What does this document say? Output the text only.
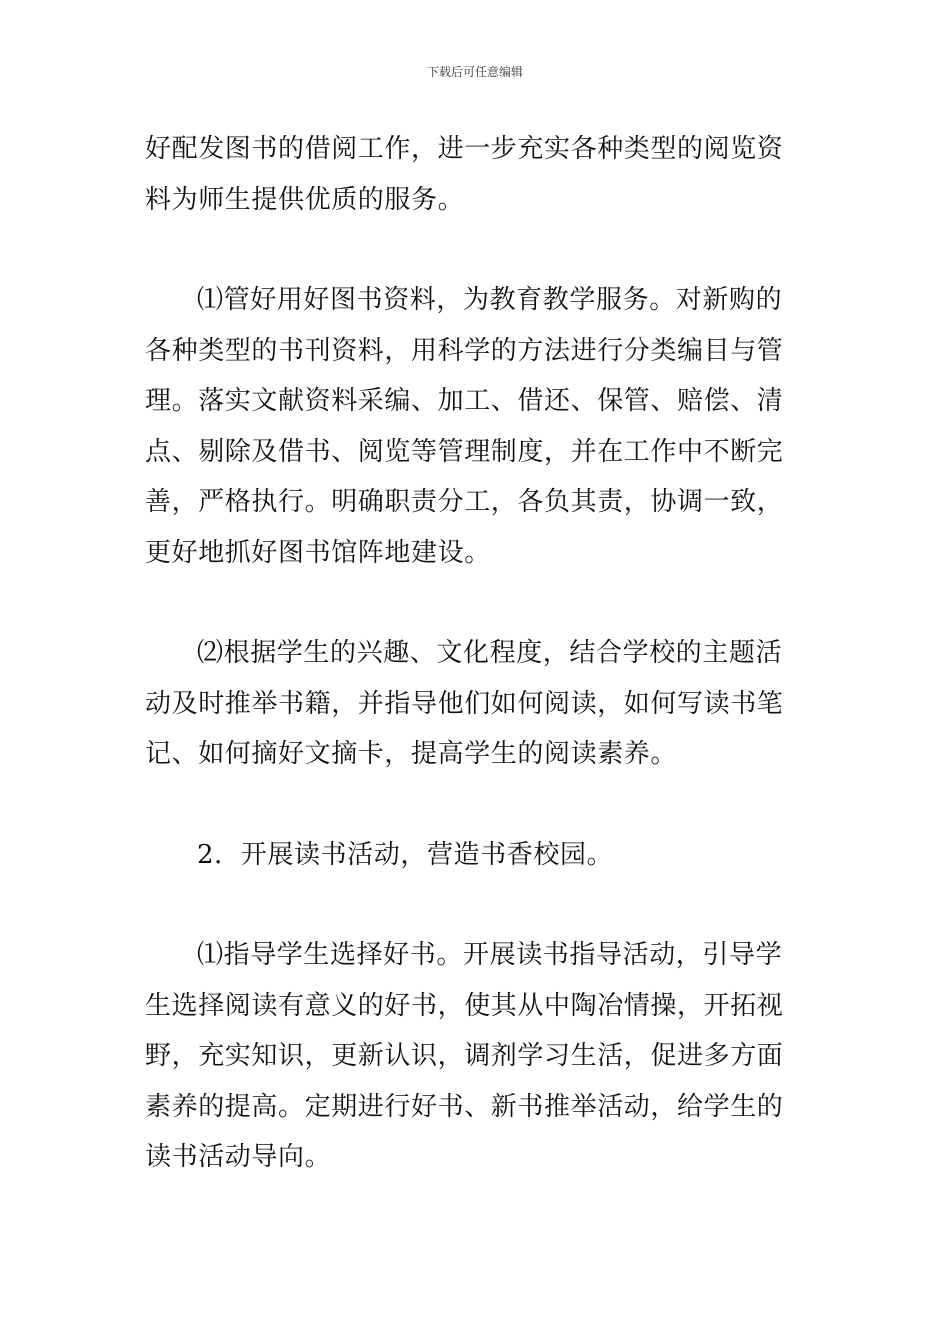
下载后可任意编辑

好配发图书的借阅工作，进一步充实各种类型的阅览资料为师生提供优质的服务。

⑴管好用好图书资料，为教育教学服务。对新购的各种类型的书刊资料，用科学的方法进行分类编目与管理。落实文献资料采编、加工、借还、保管、赔偿、清点、剔除及借书、阅览等管理制度，并在工作中不断完善，严格执行。明确职责分工，各负其责，协调一致，更好地抓好图书馆阵地建设。

⑵根据学生的兴趣、文化程度，结合学校的主题活动及时推举书籍，并指导他们如何阅读，如何写读书笔记、如何摘好文摘卡，提高学生的阅读素养。

2．开展读书活动，营造书香校园。

⑴指导学生选择好书。开展读书指导活动，引导学生选择阅读有意义的好书，使其从中陶冶情操，开拓视野，充实知识，更新认识，调剂学习生活，促进多方面素养的提高。定期进行好书、新书推举活动，给学生的读书活动导向。
